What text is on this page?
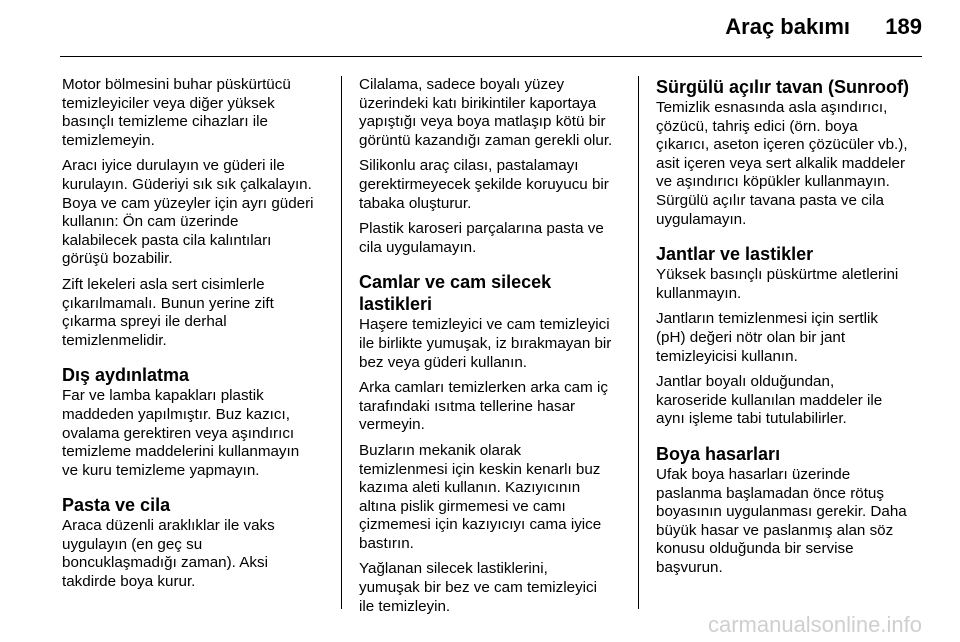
Araç bakımı 189

Motor bölmesini buhar püskürtücü
temizleyiciler veya diğer yüksek
basınçlı temizleme cihazları ile
temizlemeyin.

Aracı iyice durulayın ve güderi ile
kurulayın. Güderiyi sık sık çalkalayın.
Boya ve cam yüzeyler için ayrı güderi
kullanın: Ön cam üzerinde
kalabilecek pasta cila kalıntıları
görüşü bozabilir.

Zift lekeleri asla sert cisimlerle
çıkarılmamalı. Bunun yerine zift
çıkarma spreyi ile derhal
temizlenmelidir.

Dış aydınlatma

Far ve lamba kapakları plastik
maddeden yapılmıştır. Buz kazıcı,
ovalama gerektiren veya aşındırıcı
temizleme maddelerini kullanmayın
ve kuru temizleme yapmayın.

Pasta ve cila

Araca düzenli araklıklar ile vaks
uygulayın (en geç su
boncuklaşmadığı zaman). Aksi
takdirde boya kurur.

Cilalama, sadece boyalı yüzey
üzerindeki katı birikintiler kaportaya
yapıştığı veya boya matlaşıp kötü bir
görüntü kazandığı zaman gerekli olur.

Silikonlu araç cilası, pastalamayı
gerektirmeyecek şekilde koruyucu bir
tabaka oluşturur.

Plastik karoseri parçalarına pasta ve
cila uygulamayın.

Camlar ve cam silecek lastikleri

Haşere temizleyici ve cam temizleyici
ile birlikte yumuşak, iz bırakmayan bir
bez veya güderi kullanın.

Arka camları temizlerken arka cam iç
tarafındaki ısıtma tellerine hasar
vermeyin.

Buzların mekanik olarak
temizlenmesi için keskin kenarlı buz
kazıma aleti kullanın. Kazıyıcının
altına pislik girmemesi ve camı
çizmemesi için kazıyıcıyı cama iyice
bastırın.

Yağlanan silecek lastiklerini,
yumuşak bir bez ve cam temizleyici
ile temizleyin.

Sürgülü açılır tavan (Sunroof)

Temizlik esnasında asla aşındırıcı,
çözücü, tahriş edici (örn. boya
çıkarıcı, aseton içeren çözücüler vb.),
asit içeren veya sert alkalik maddeler
ve aşındırıcı köpükler kullanmayın.
Sürgülü açılır tavana pasta ve cila
uygulamayın.

Jantlar ve lastikler

Yüksek basınçlı püskürtme aletlerini
kullanmayın.

Jantların temizlenmesi için sertlik
(pH) değeri nötr olan bir jant
temizleyicisi kullanın.

Jantlar boyalı olduğundan,
karoseride kullanılan maddeler ile
aynı işleme tabi tutulabilirler.

Boya hasarları

Ufak boya hasarları üzerinde
paslanma başlamadan önce rötuş
boyasının uygulanması gerekir. Daha
büyük hasar ve paslanmış alan söz
konusu olduğunda bir servise
başvurun.

carmanualsonline.info
